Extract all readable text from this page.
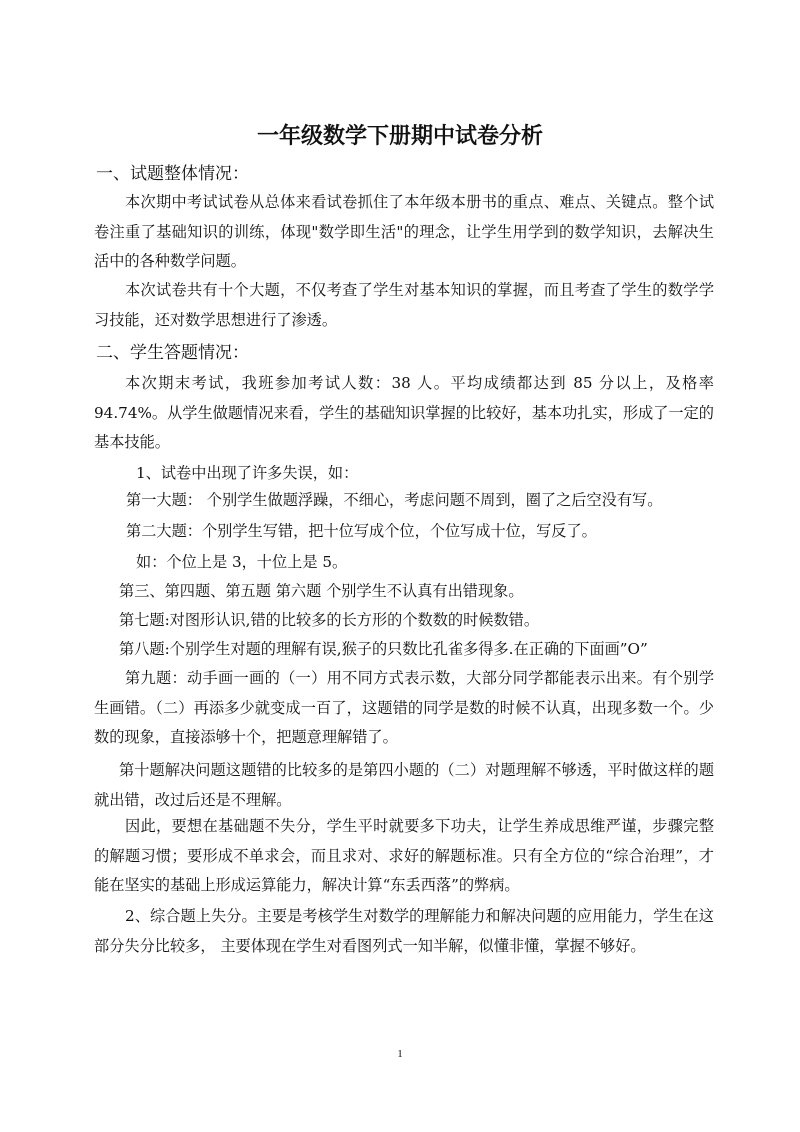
一年级数学下册期中试卷分析
一、试题整体情况：
本次期中考试试卷从总体来看试卷抓住了本年级本册书的重点、难点、关键点。整个试卷注重了基础知识的训练，体现"数学即生活"的理念，让学生用学到的数学知识，去解决生活中的各种数学问题。
本次试卷共有十个大题，不仅考查了学生对基本知识的掌握，而且考查了学生的数学学习技能，还对数学思想进行了渗透。
二、学生答题情况：
本次期末考试，我班参加考试人数：38 人。平均成绩都达到 85 分以上，及格率 94.74%。从学生做题情况来看，学生的基础知识掌握的比较好，基本功扎实，形成了一定的基本技能。
1、试卷中出现了许多失误，如：
第一大题： 个别学生做题浮躁，不细心，考虑问题不周到，圈了之后空没有写。
第二大题：个别学生写错，把十位写成个位，个位写成十位，写反了。
如：个位上是 3，十位上是 5。
第三、第四题、第五题 第六题 个别学生不认真有出错现象。
第七题:对图形认识,错的比较多的长方形的个数数的时候数错。
第八题:个别学生对题的理解有误,猴子的只数比孔雀多得多.在正确的下面画”O”
第九题：动手画一画的（一）用不同方式表示数，大部分同学都能表示出来。有个别学生画错。（二）再添多少就变成一百了，这题错的同学是数的时候不认真，出现多数一个。少数的现象，直接添够十个，把题意理解错了。
第十题解决问题这题错的比较多的是第四小题的（二）对题理解不够透，平时做这样的题就出错，改过后还是不理解。
因此，要想在基础题不失分，学生平时就要多下功夫，让学生养成思维严谨，步骤完整的解题习惯；要形成不单求会，而且求对、求好的解题标准。只有全方位的“综合治理”，才能在坚实的基础上形成运算能力，解决计算“东丢西落”的弊病。
2、综合题上失分。主要是考核学生对数学的理解能力和解决问题的应用能力，学生在这部分失分比较多， 主要体现在学生对看图列式一知半解，似懂非懂，掌握不够好。
1
